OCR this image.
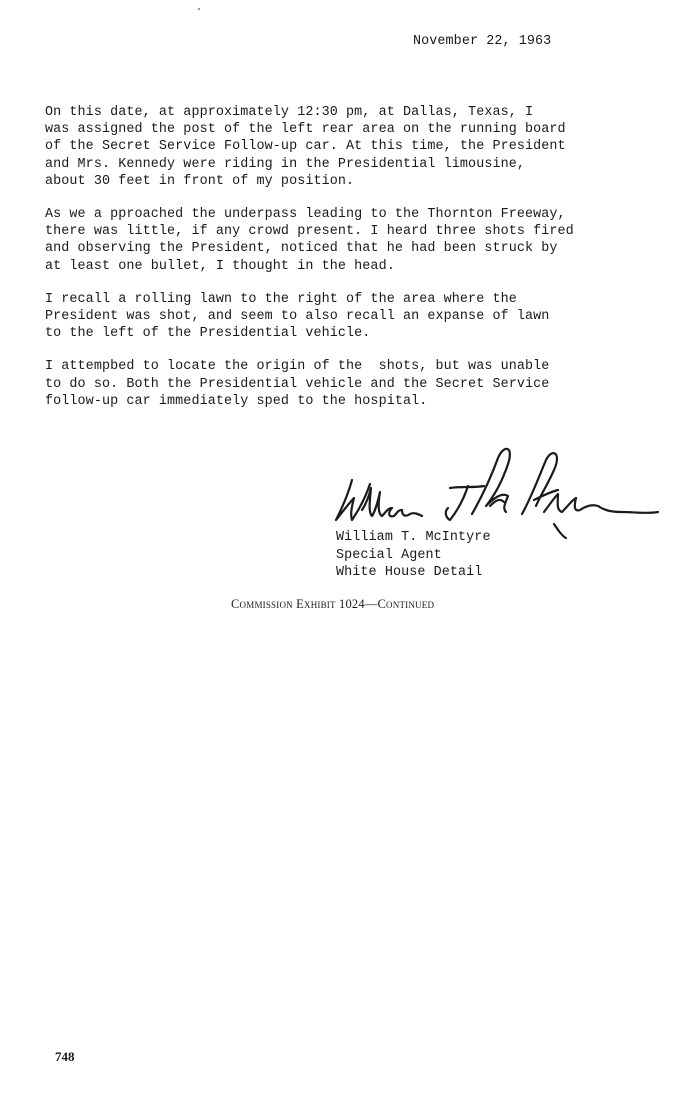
November 22, 1963

On this date, at approximately 12:30 pm, at Dallas, Texas, I
was assigned the post of the left rear area on the running board
of the Secret Service Follow-up car. At this time, the President
and Mrs. Kennedy were riding in the Presidential limousine,
about 30 feet in front of my position.

As we a pproached the underpass leading to the Thornton Freeway,
there was little, if any crowd present. I heard three shots fired
and observing the President, noticed that he had been struck by
at least one bullet, I thought in the head.

I recall a rolling lawn to the right of the area where the
President was shot, and seem to also recall an expanse of lawn
to the left of the Presidential vehicle.

I attempbed to locate the origin of the  shots, but was unable
to do so. Both the Presidential vehicle and the Secret Service
follow-up car immediately sped to the hospital.

William T. McIntyre
Special Agent
White House Detail
Commission Exhibit 1024—Continued
748
